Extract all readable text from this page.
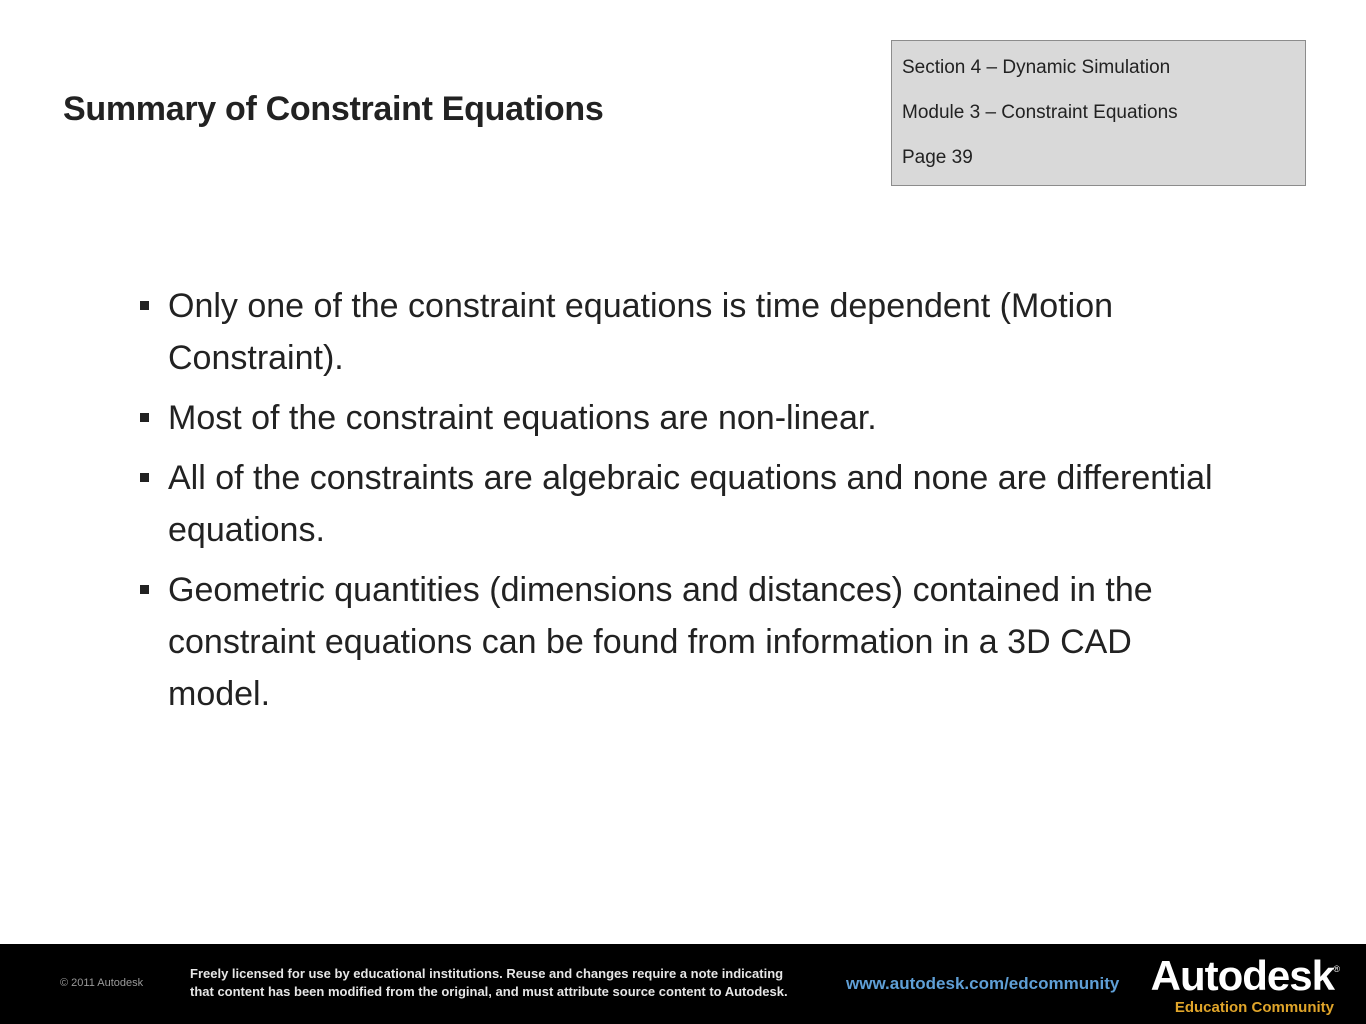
Summary of Constraint Equations
Section 4 – Dynamic Simulation
Module 3 – Constraint Equations
Page 39
Only one of the constraint equations is time dependent (Motion Constraint).
Most of the constraint equations are non-linear.
All of the constraints are algebraic equations and none are differential equations.
Geometric quantities (dimensions and distances) contained in the constraint equations can be found from information in a 3D CAD model.
© 2011 Autodesk
Freely licensed for use by educational institutions. Reuse and changes require a note indicating
that content has been modified from the original, and must attribute source content to Autodesk.	www.autodesk.com/edcommunity Autodesk ®
Education Community
